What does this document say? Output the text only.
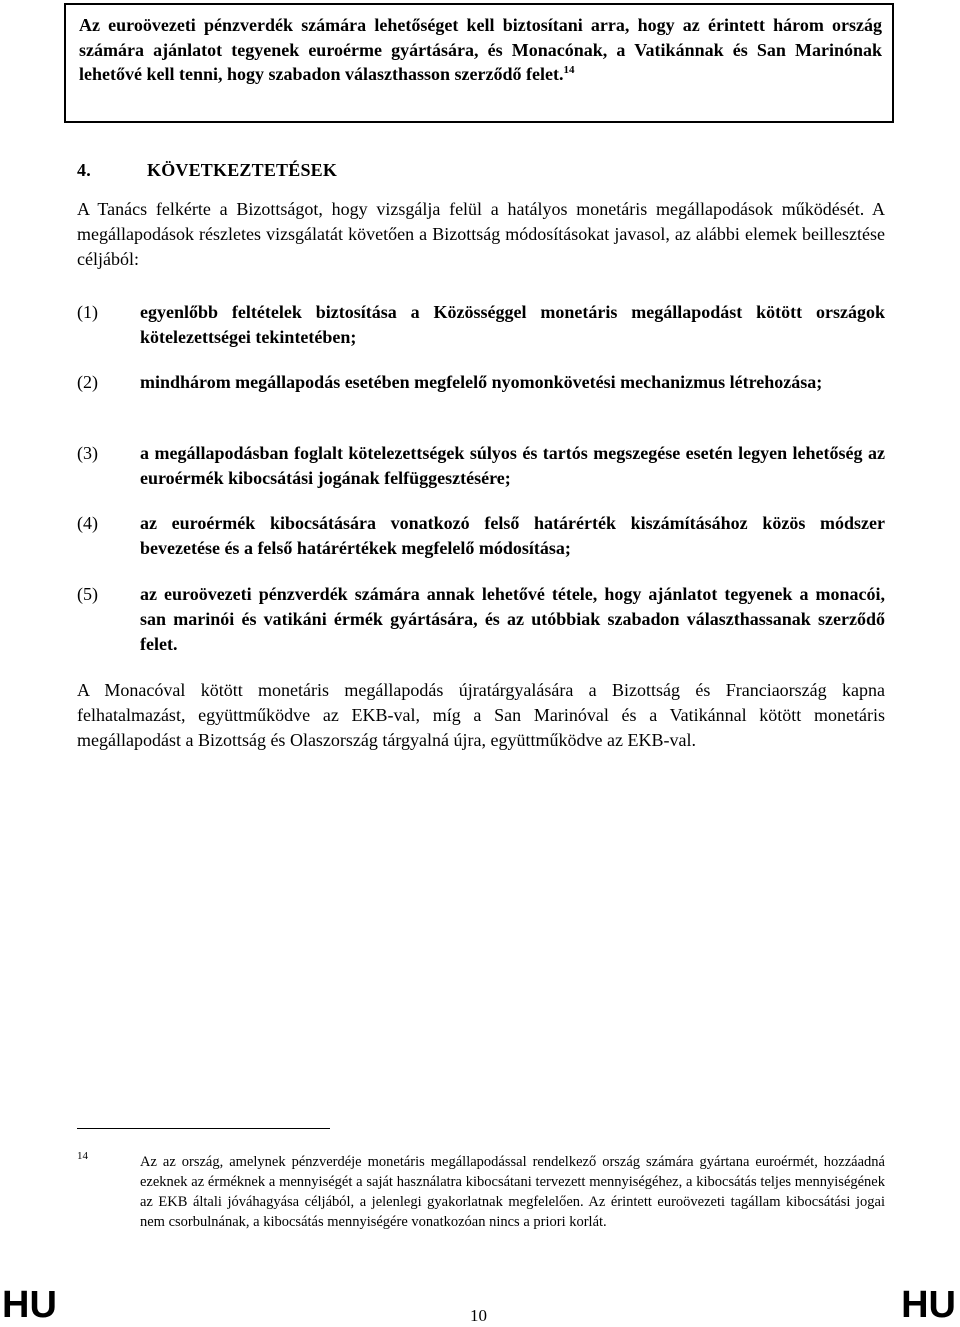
Az euroövezeti pénzverdék számára lehetőséget kell biztosítani arra, hogy az érintett három ország számára ajánlatot tegyenek euroérme gyártására, és Monacónak, a Vatikánnak és San Marinónak lehetővé kell tenni, hogy szabadon választhasson szerződő felet.$^{14}$
4.	KÖVETKEZTETÉSEK
A Tanács felkérte a Bizottságot, hogy vizsgálja felül a hatályos monetáris megállapodások működését. A megállapodások részletes vizsgálatát követően a Bizottság módosításokat javasol, az alábbi elemek beillesztése céljából:
(1)	egyenlőbb feltételek biztosítása a Közösséggel monetáris megállapodást kötött országok kötelezettségei tekintetében;
(2)	mindhárom megállapodás esetében megfelelő nyomonkövetési mechanizmus létrehozása;
(3)	a megállapodásban foglalt kötelezettségek súlyos és tartós megszegése esetén legyen lehetőség az euroérmék kibocsátási jogának felfüggesztésére;
(4)	az euroérmék kibocsátására vonatkozó felső határérték kiszámításához közös módszer bevezetése és a felső határértékek megfelelő módosítása;
(5)	az euroövezeti pénzverdék számára annak lehetővé tétele, hogy ajánlatot tegyenek a monacói, san marinói és vatikáni érmék gyártására, és az utóbbiak szabadon választhassanak szerződő felet.
A Monacóval kötött monetáris megállapodás újratárgyalására a Bizottság és Franciaország kapna felhatalmazást, együttműködve az EKB-val, míg a San Marinóval és a Vatikánnal kötött monetáris megállapodást a Bizottság és Olaszország tárgyalná újra, együttműködve az EKB-val.
14	Az az ország, amelynek pénzverdéje monetáris megállapodással rendelkező ország számára gyártana euroérmét, hozzáadná ezeknek az érméknek a mennyiségét a saját használatra kibocsátani tervezett mennyiségéhez, a kibocsátás teljes mennyiségének az EKB általi jóváhagyása céljából, a jelenlegi gyakorlatnak megfelelően. Az érintett euroövezeti tagállam kibocsátási jogai nem csorbulnának, a kibocsátás mennyiségére vonatkozóan nincs a priori korlát.
HU	10	HU
